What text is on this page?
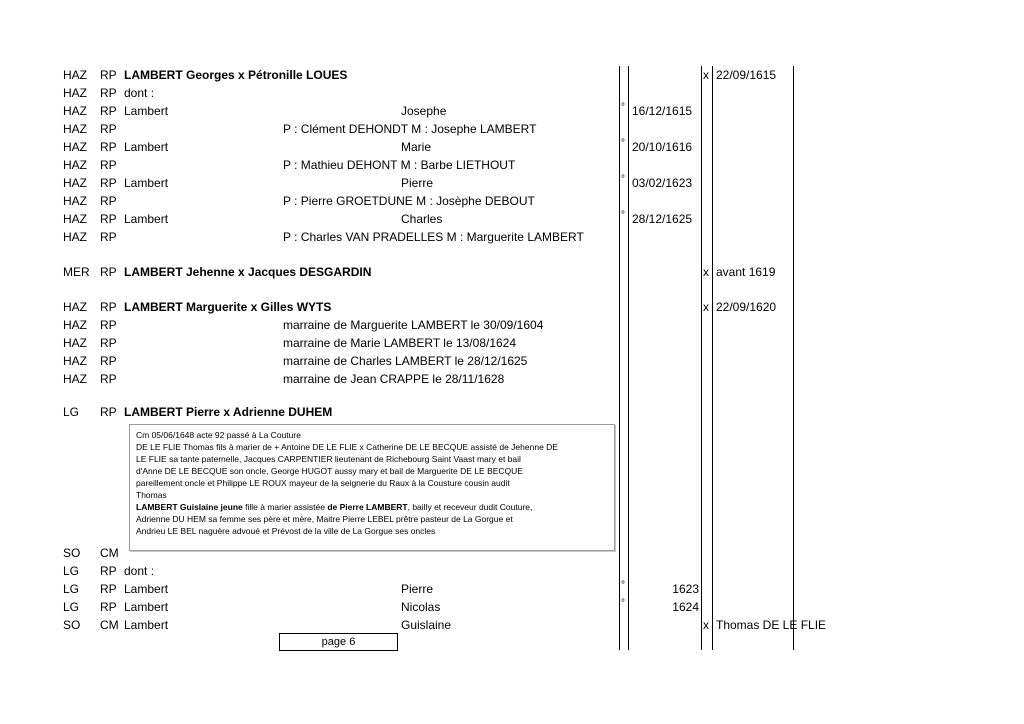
HAZ RP LAMBERT Georges x Pétronille LOUES	x 22/09/1615
HAZ RP dont :
HAZ RP Lambert	Josephe	° 16/12/1615
HAZ RP	P : Clément DEHONDT M : Josephe LAMBERT
HAZ RP Lambert	Marie	° 20/10/1616
HAZ RP	P : Mathieu DEHONT M : Barbe LIETHOUT
HAZ RP Lambert	Pierre	° 03/02/1623
HAZ RP	P : Pierre GROETDUNE M : Josèphe DEBOUT
HAZ RP Lambert	Charles	° 28/12/1625
HAZ RP	P : Charles VAN PRADELLES M : Marguerite LAMBERT
MER RP LAMBERT Jehenne x Jacques DESGARDIN	x avant 1619
HAZ RP LAMBERT Marguerite x Gilles WYTS	x 22/09/1620
HAZ RP	marraine de Marguerite LAMBERT le 30/09/1604
HAZ RP	marraine de Marie LAMBERT le 13/08/1624
HAZ RP	marraine de Charles LAMBERT le 28/12/1625
HAZ RP	marraine de Jean CRAPPE le 28/11/1628
LG RP LAMBERT Pierre x Adrienne DUHEM
Cm 05/06/1648 acte 92 passé à La Couture
DE LE FLIE Thomas fils à marier de + Antoine DE LE FLIE x Catherine DE LE BECQUE assisté de Jehenne DE
LE FLIE sa tante paternelle, Jacques CARPENTIER lieutenant de Richebourg Saint Vaast mary et bail
d'Anne DE LE BECQUE son oncle, George HUGOT aussy mary et bail de Marguerite DE LE BECQUE
pareillement oncle et Philippe LE ROUX mayeur de la seignerie du Raux à la Cousture cousin audit
Thomas
LAMBERT Guislaine jeune fille à marier assistée de Pierre LAMBERT, bailly et receveur dudit Couture,
Adrienne DU HEM sa femme ses père et mère, Maitre Pierre LEBEL prêtre pasteur de La Gorgue et
Andrieu LE BEL naguère advoué et Prévost de la ville de La Gorgue ses oncles
SO CM
LG RP dont :
LG RP Lambert	Pierre	°	1623
LG RP Lambert	Nicolas	°	1624
SO CM Lambert	Guislaine	x Thomas DE LE FLIE
page 6
